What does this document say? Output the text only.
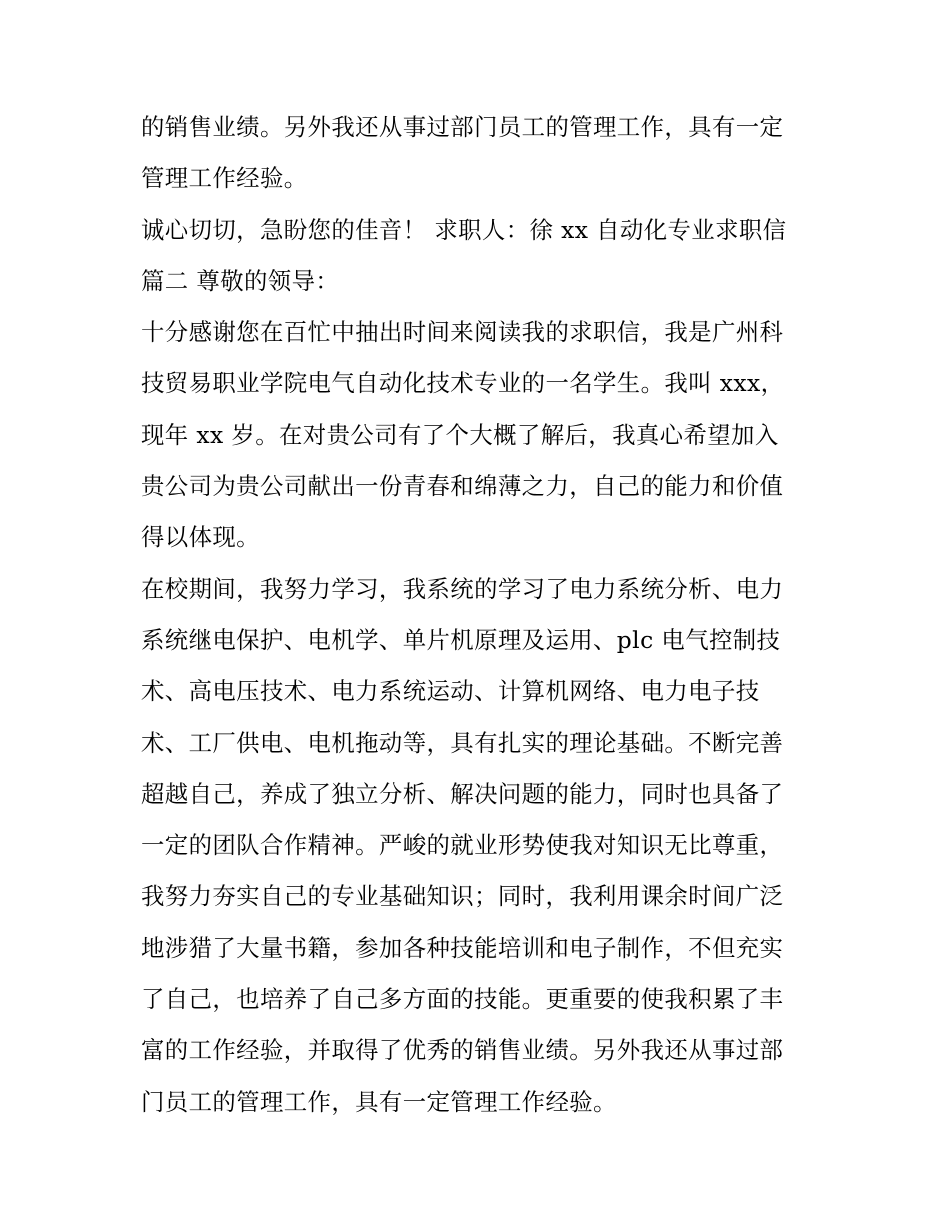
的销售业绩。另外我还从事过部门员工的管理工作，具有一定
管理工作经验。
诚心切切，急盼您的佳音！ 求职人：徐 xx 自动化专业求职信
篇二 尊敬的领导：
十分感谢您在百忙中抽出时间来阅读我的求职信，我是广州科
技贸易职业学院电气自动化技术专业的一名学生。我叫 xxx，
现年 xx 岁。在对贵公司有了个大概了解后，我真心希望加入
贵公司为贵公司献出一份青春和绵薄之力，自己的能力和价值
得以体现。
在校期间，我努力学习，我系统的学习了电力系统分析、电力
系统继电保护、电机学、单片机原理及运用、plc 电气控制技
术、高电压技术、电力系统运动、计算机网络、电力电子技
术、工厂供电、电机拖动等，具有扎实的理论基础。不断完善
超越自己，养成了独立分析、解决问题的能力，同时也具备了
一定的团队合作精神。严峻的就业形势使我对知识无比尊重，
我努力夯实自己的专业基础知识；同时，我利用课余时间广泛
地涉猎了大量书籍，参加各种技能培训和电子制作，不但充实
了自己，也培养了自己多方面的技能。更重要的使我积累了丰
富的工作经验，并取得了优秀的销售业绩。另外我还从事过部
门员工的管理工作，具有一定管理工作经验。
